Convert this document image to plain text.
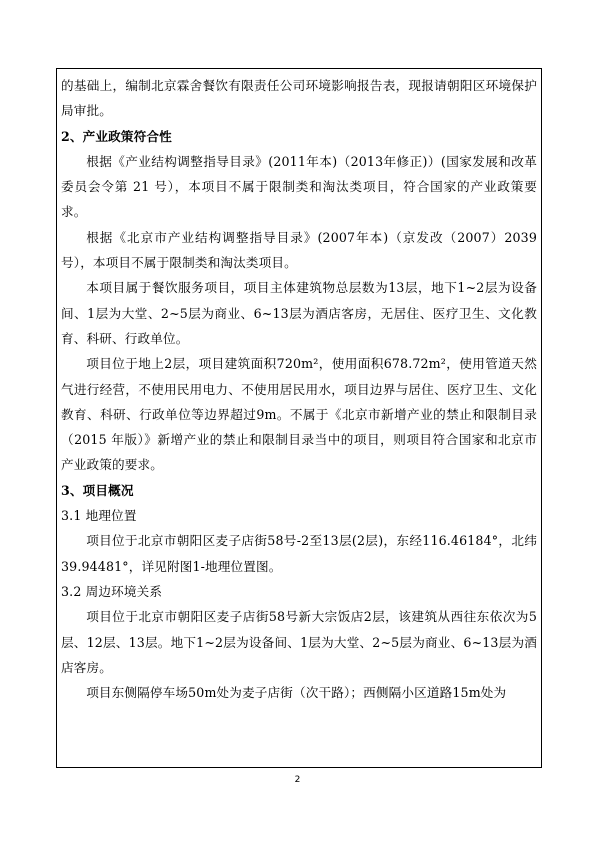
的基础上，编制北京霖舍餐饮有限责任公司环境影响报告表，现报请朝阳区环境保护局审批。

2、产业政策符合性

根据《产业结构调整指导目录》(2011年本)（2013年修正)）(国家发展和改革委员会令第 21 号），本项目不属于限制类和淘汰类项目，符合国家的产业政策要求。

根据《北京市产业结构调整指导目录》(2007年本)（京发改（2007）2039号），本项目不属于限制类和淘汰类项目。

本项目属于餐饮服务项目，项目主体建筑物总层数为13层，地下1~2层为设备间、1层为大堂、2~5层为商业、6~13层为酒店客房，无居住、医疗卫生、文化教育、科研、行政单位。

项目位于地上2层，项目建筑面积720m²，使用面积678.72m²，使用管道天然气进行经营，不使用民用电力、不使用居民用水，项目边界与居住、医疗卫生、文化教育、科研、行政单位等边界超过9m。不属于《北京市新增产业的禁止和限制目录（2015 年版）》新增产业的禁止和限制目录当中的项目，则项目符合国家和北京市产业政策的要求。

3、项目概况

3.1 地理位置

项目位于北京市朝阳区麦子店街58号-2至13层(2层)，东经116.46184°，北纬39.94481°，详见附图1-地理位置图。

3.2 周边环境关系

项目位于北京市朝阳区麦子店街58号新大宗饭店2层，该建筑从西往东依次为5层、12层、13层。地下1~2层为设备间、1层为大堂、2~5层为商业、6~13层为酒店客房。

项目东侧隔停车场50m处为麦子店街（次干路）；西侧隔小区道路15m处为

2
